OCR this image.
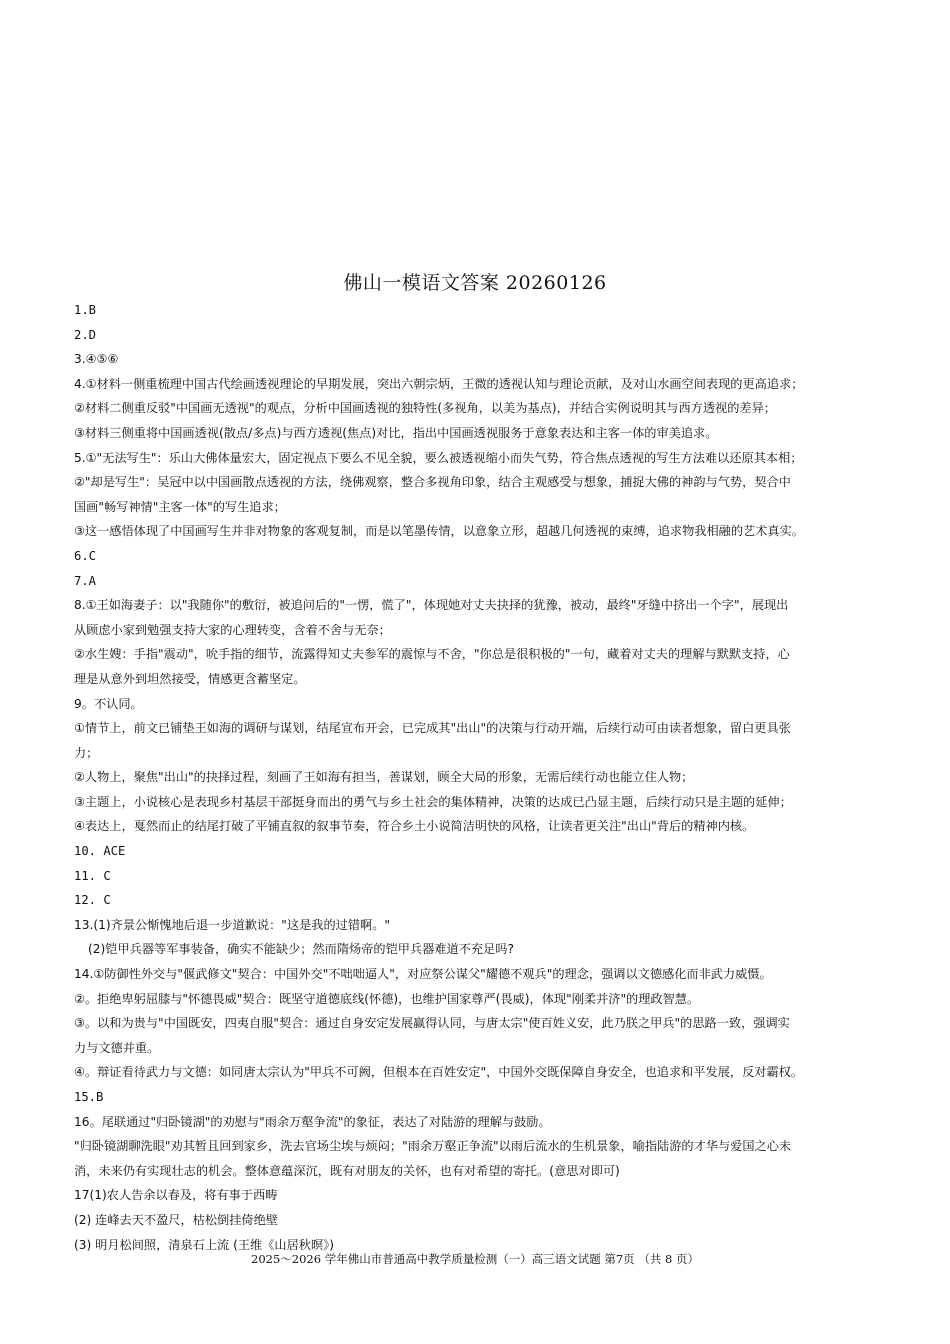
佛山一模语文答案 20260126
1.B
2.D
3.④⑤⑥
4.①材料一侧重梳理中国古代绘画透视理论的早期发展，突出六朝宗炳，王微的透视认知与理论贡献，及对山水画空间表现的更高追求；
②材料二侧重反驳"中国画无透视"的观点，分析中国画透视的独特性(多视角，以美为基点)，并结合实例说明其与西方透视的差异；
③材料三侧重将中国画透视(散点/多点)与西方透视(焦点)对比，指出中国画透视服务于意象表达和主客一体的审美追求。
5.①"无法写生"：乐山大佛体量宏大，固定视点下要么不见全貌，要么被透视缩小而失气势，符合焦点透视的写生方法难以还原其本相；
②"却是写生"：吴冠中以中国画散点透视的方法，绕佛观察，整合多视角印象，结合主观感受与想象，捕捉大佛的神韵与气势，契合中
国画"畅写神情"主客一体"的写生追求；
③这一感悟体现了中国画写生并非对物象的客观复制，而是以笔墨传情，以意象立形，超越几何透视的束缚，追求物我相融的艺术真实。
6.C
7.A
8.①王如海妻子：以"我随你"的敷衍，被追问后的"一愣，慌了"，体现她对丈夫抉择的犹豫，被动，最终"牙缝中挤出一个字"，展现出
从顾虑小家到勉强支持大家的心理转变，含着不舍与无奈；
②水生嫂：手指"震动"，吮手指的细节，流露得知丈夫参军的震惊与不舍，"你总是很积极的"一句，藏着对丈夫的理解与默默支持，心
理是从意外到坦然接受，情感更含蓄坚定。
9。不认同。
①情节上，前文已铺垫王如海的调研与谋划，结尾宣布开会，已完成其"出山"的决策与行动开端，后续行动可由读者想象，留白更具张
力；
②人物上，聚焦"出山"的抉择过程，刻画了王如海有担当，善谋划，顾全大局的形象，无需后续行动也能立住人物；
③主题上，小说核心是表现乡村基层干部挺身而出的勇气与乡土社会的集体精神，决策的达成已凸显主题，后续行动只是主题的延伸；
④表达上，戛然而止的结尾打破了平铺直叙的叙事节奏，符合乡土小说简洁明快的风格，让读者更关注"出山"背后的精神内核。
10. ACE
11. C
12. C
13.(1)齐景公惭愧地后退一步道歉说："这是我的过错啊。"
(2)铠甲兵器等军事装备，确实不能缺少；然而隋炀帝的铠甲兵器难道不充足吗?
14.①防御性外交与"偃武修文"契合：中国外交"不咄咄逼人"，对应祭公谋父"耀德不观兵"的理念，强调以文德感化而非武力威慑。
②。拒绝卑躬屈膝与"怀德畏威"契合：既坚守道德底线(怀德)，也维护国家尊严(畏威)，体现"刚柔并济"的理政智慧。
③。以和为贵与"中国既安，四夷自服"契合：通过自身安定发展赢得认同，与唐太宗"使百姓义安，此乃朕之甲兵"的思路一致，强调实
力与文德并重。
④。辩证看待武力与文德：如同唐太宗认为"甲兵不可阙，但根本在百姓安定"，中国外交既保障自身安全，也追求和平发展，反对霸权。
15.B
16。尾联通过"归卧镜湖"的劝慰与"雨余万壑争流"的象征，表达了对陆游的理解与鼓励。
"归卧镜湖聊洗眼"劝其暂且回到家乡，洗去官场尘埃与烦闷；"雨余万壑正争流"以雨后流水的生机景象，喻指陆游的才华与爱国之心未
消，未来仍有实现壮志的机会。整体意蕴深沉，既有对朋友的关怀，也有对希望的寄托。(意思对即可)
17(1)农人告余以春及，将有事于西畴
(2) 连峰去天不盈尺，枯松倒挂倚绝壁
(3) 明月松间照，清泉石上流 (王维《山居秋暝》)
2025～2026 学年佛山市普通高中教学质量检测（一）高三语文试题 第7页 （共 8 页）
